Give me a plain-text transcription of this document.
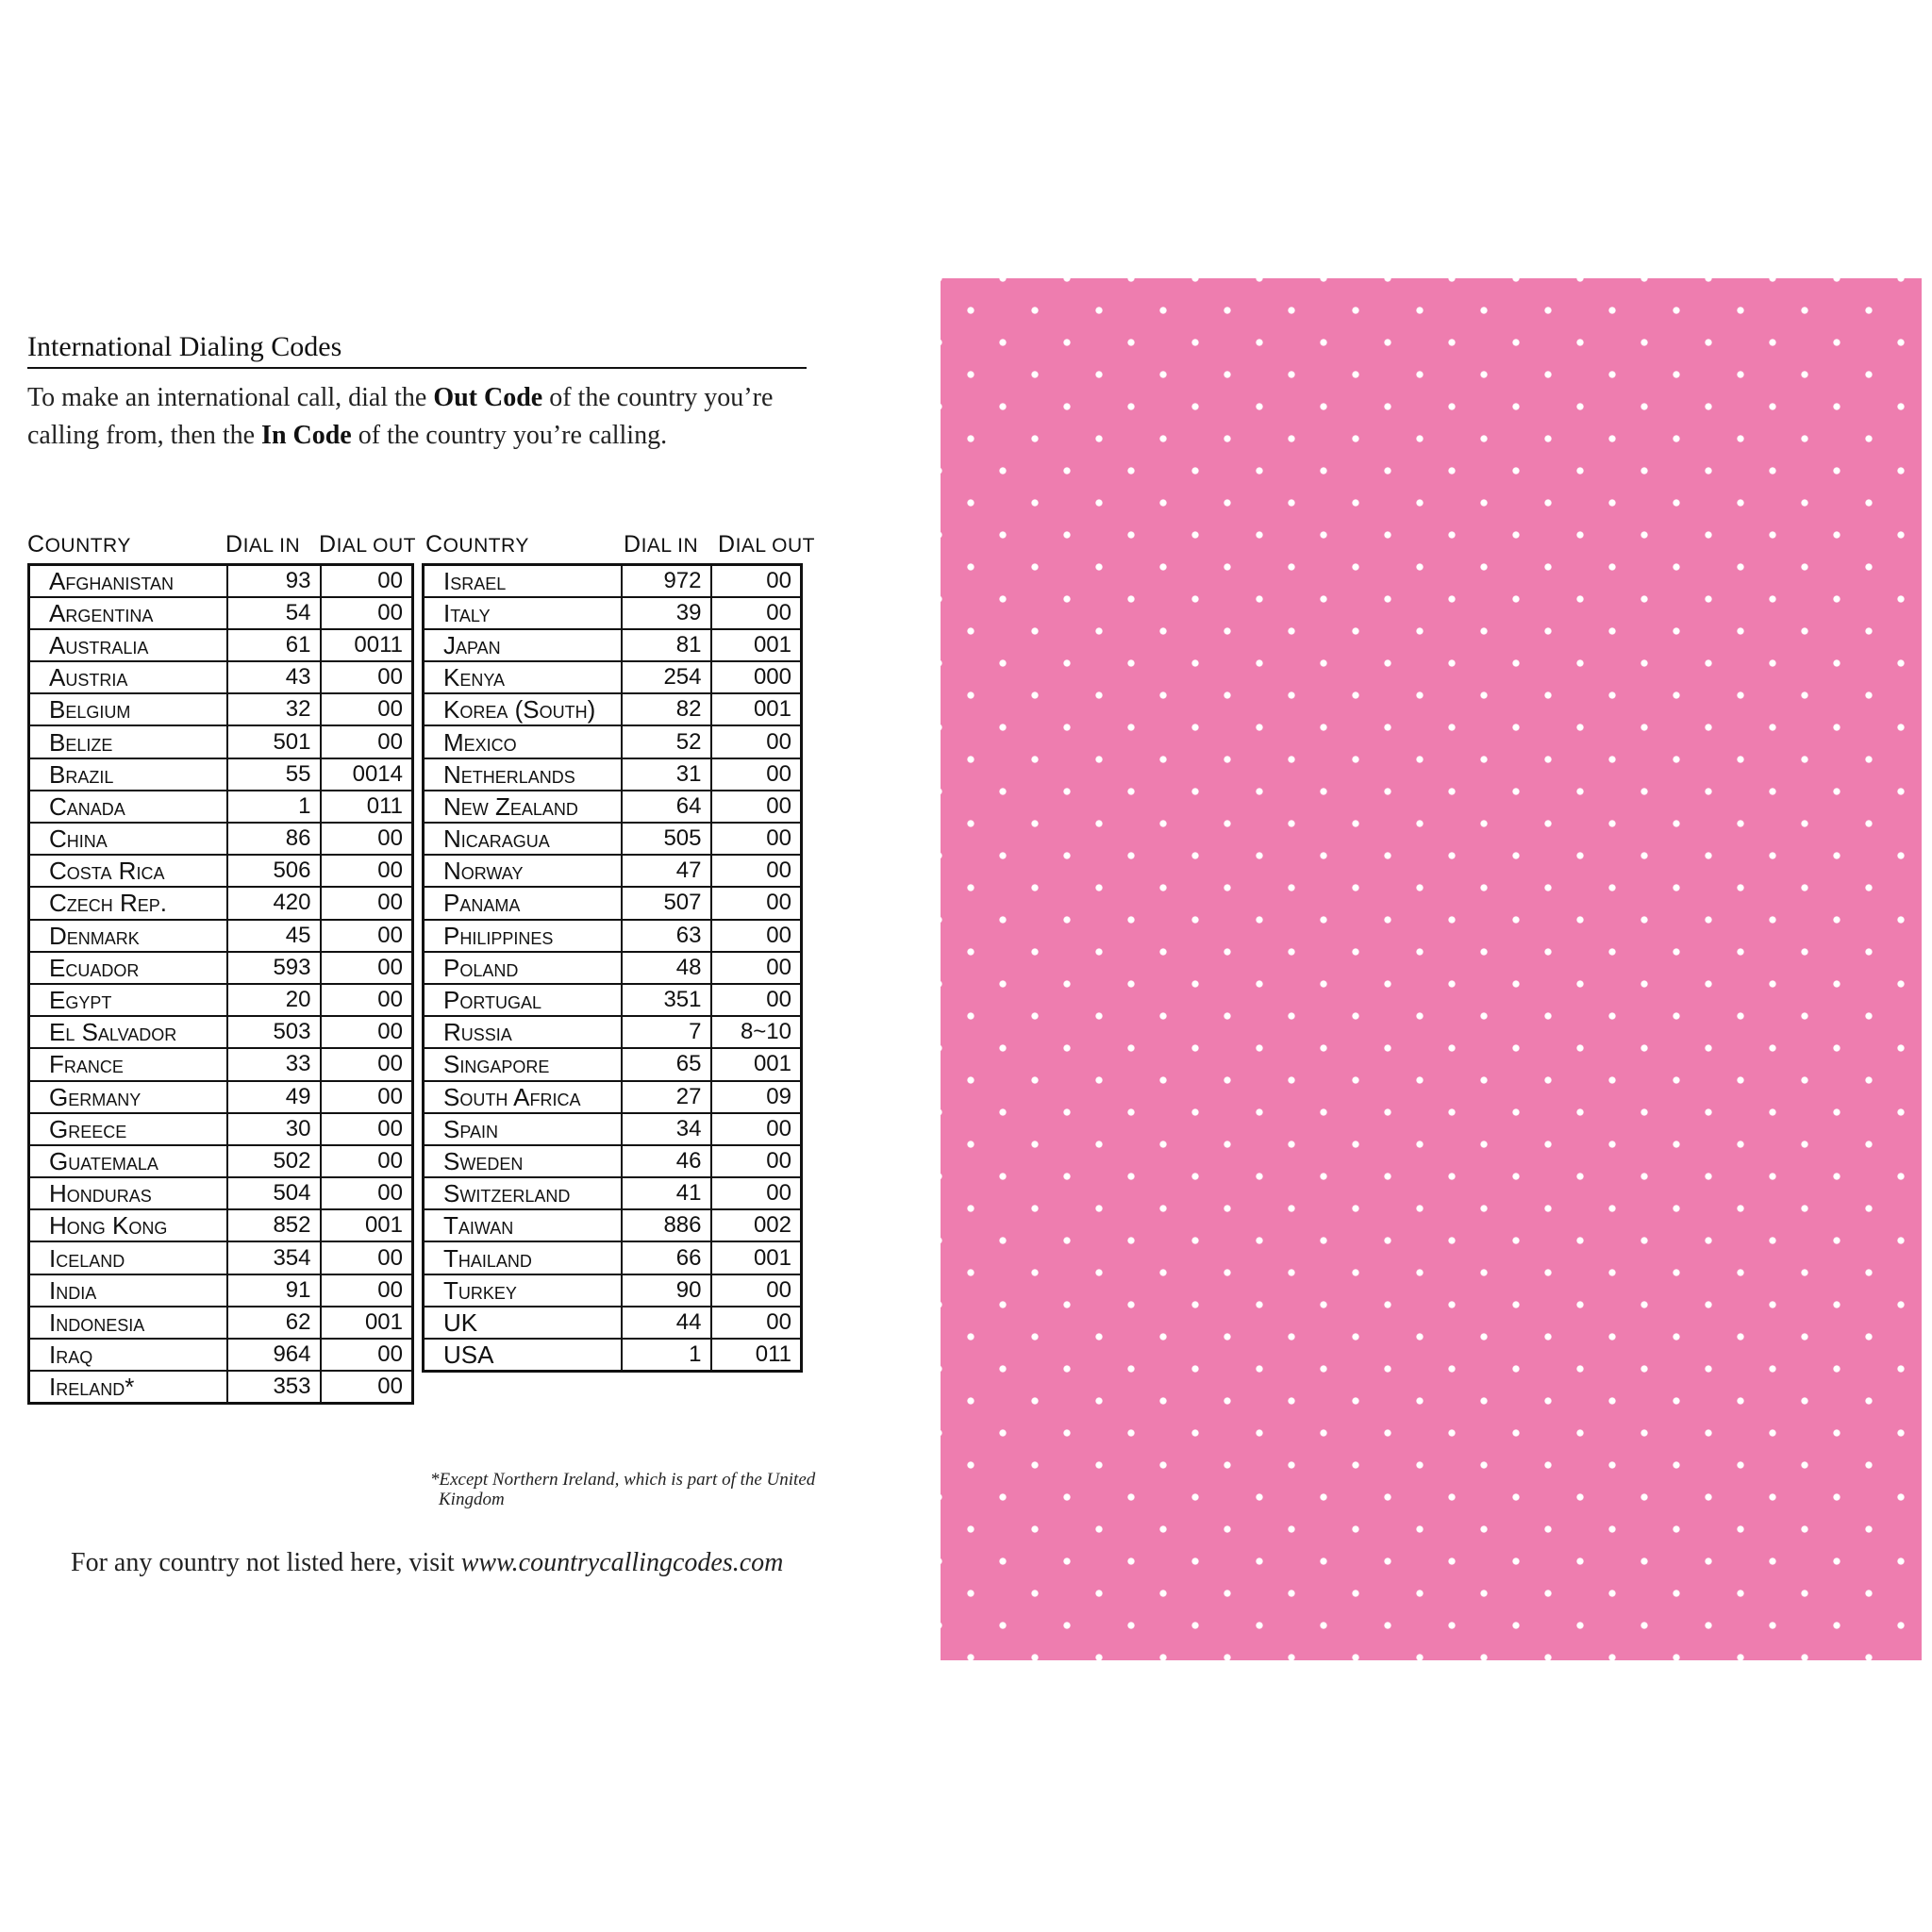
International Dialing Codes
To make an international call, dial the Out Code of the country you’re calling from, then the In Code of the country you’re calling.
COUNTRY	DIAL IN DIAL OUT COUNTRY	DIAL IN DIAL OUT
Afghanistan	93	00
Argentina	54	00
Australia	61	0011
Austria	43	00
Belgium	32	00
Belize	501	00
Brazil	55	0014
Canada	1	011
China	86	00
Costa Rica	506	00
Czech Rep.	420	00
Denmark	45	00
Ecuador	593	00
Egypt	20	00
El Salvador	503	00
France	33	00
Germany	49	00
Greece	30	00
Guatemala	502	00
Honduras	504	00
Hong Kong	852	001
Iceland	354	00
India	91	00
Indonesia	62	001
Iraq	964	00
Ireland*	353	00
Israel	972	00
Italy	39	00
Japan	81	001
Kenya	254	000
Korea (South)	82	001
Mexico	52	00
Netherlands	31	00
New Zealand	64	00
Nicaragua	505	00
Norway	47	00
Panama	507	00
Philippines	63	00
Poland	48	00
Portugal	351	00
Russia	7	8~10
Singapore	65	001
South Africa	27	09
Spain	34	00
Sweden	46	00
Switzerland	41	00
Taiwan	886	002
Thailand	66	001
Turkey	90	00
UK	44	00
USA	1	011
*Except Northern Ireland, which is part of the United Kingdom
For any country not listed here, visit www.countrycallingcodes.com
